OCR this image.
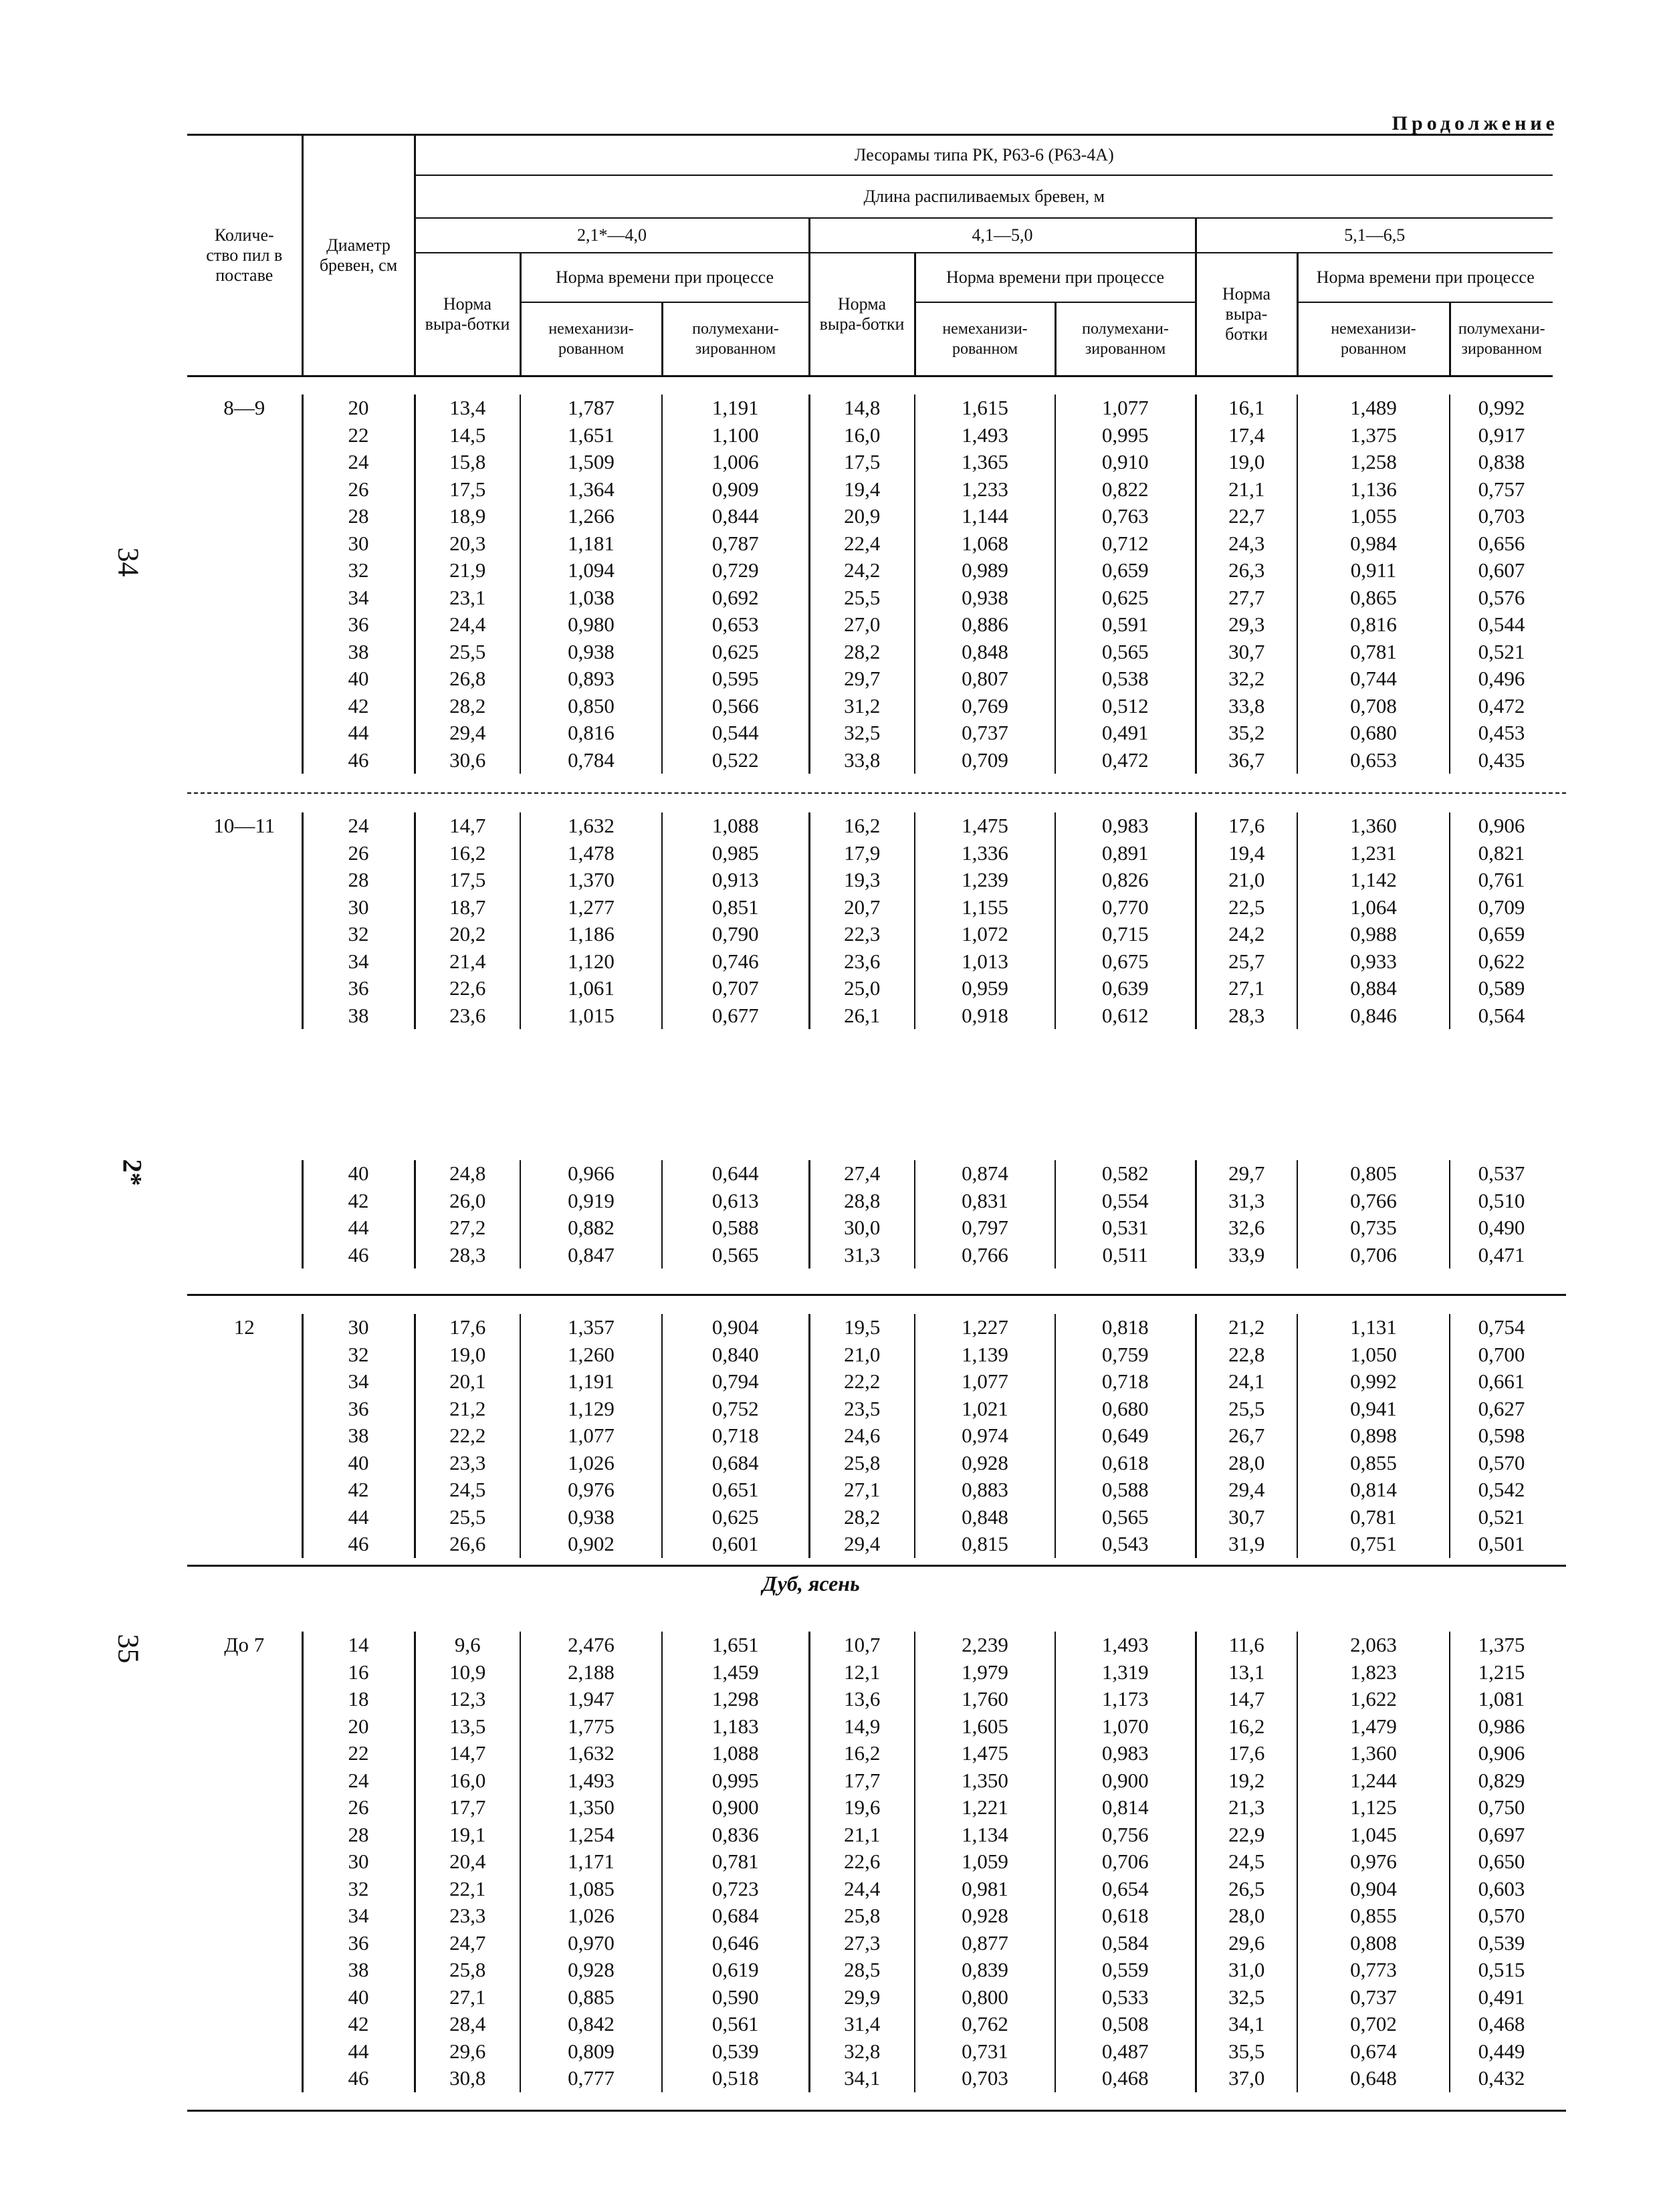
Продолжение
34
2*
35
Количе-ство пил в поставе	Диаметр бревен, см	Лесорамы типа РК, Р63-6 (Р63-4А)								
		Длина распиливаемых бревен, м								
		2,1*—4,0			4,1—5,0			5,1—6,5		
		Норма выра-ботки	Норма времени при процессе		Норма выра-ботки	Норма времени при процессе		Норма выра-ботки	Норма времени при процессе	
			немеханизи-рованном	полумехани-зированном		немеханизи-рованном	полумехани-зированном		немеханизи-рованном	полумехани-зированном
8—9	20	13,4	1,787	1,191	14,8	1,615	1,077	16,1	1,489	0,992
	22	14,5	1,651	1,100	16,0	1,493	0,995	17,4	1,375	0,917
	24	15,8	1,509	1,006	17,5	1,365	0,910	19,0	1,258	0,838
	26	17,5	1,364	0,909	19,4	1,233	0,822	21,1	1,136	0,757
	28	18,9	1,266	0,844	20,9	1,144	0,763	22,7	1,055	0,703
	30	20,3	1,181	0,787	22,4	1,068	0,712	24,3	0,984	0,656
	32	21,9	1,094	0,729	24,2	0,989	0,659	26,3	0,911	0,607
	34	23,1	1,038	0,692	25,5	0,938	0,625	27,7	0,865	0,576
	36	24,4	0,980	0,653	27,0	0,886	0,591	29,3	0,816	0,544
	38	25,5	0,938	0,625	28,2	0,848	0,565	30,7	0,781	0,521
	40	26,8	0,893	0,595	29,7	0,807	0,538	32,2	0,744	0,496
	42	28,2	0,850	0,566	31,2	0,769	0,512	33,8	0,708	0,472
	44	29,4	0,816	0,544	32,5	0,737	0,491	35,2	0,680	0,453
	46	30,6	0,784	0,522	33,8	0,709	0,472	36,7	0,653	0,435
10—11	24	14,7	1,632	1,088	16,2	1,475	0,983	17,6	1,360	0,906
	26	16,2	1,478	0,985	17,9	1,336	0,891	19,4	1,231	0,821
	28	17,5	1,370	0,913	19,3	1,239	0,826	21,0	1,142	0,761
	30	18,7	1,277	0,851	20,7	1,155	0,770	22,5	1,064	0,709
	32	20,2	1,186	0,790	22,3	1,072	0,715	24,2	0,988	0,659
	34	21,4	1,120	0,746	23,6	1,013	0,675	25,7	0,933	0,622
	36	22,6	1,061	0,707	25,0	0,959	0,639	27,1	0,884	0,589
	38	23,6	1,015	0,677	26,1	0,918	0,612	28,3	0,846	0,564
	40	24,8	0,966	0,644	27,4	0,874	0,582	29,7	0,805	0,537
	42	26,0	0,919	0,613	28,8	0,831	0,554	31,3	0,766	0,510
	44	27,2	0,882	0,588	30,0	0,797	0,531	32,6	0,735	0,490
	46	28,3	0,847	0,565	31,3	0,766	0,511	33,9	0,706	0,471
12	30	17,6	1,357	0,904	19,5	1,227	0,818	21,2	1,131	0,754
	32	19,0	1,260	0,840	21,0	1,139	0,759	22,8	1,050	0,700
	34	20,1	1,191	0,794	22,2	1,077	0,718	24,1	0,992	0,661
	36	21,2	1,129	0,752	23,5	1,021	0,680	25,5	0,941	0,627
	38	22,2	1,077	0,718	24,6	0,974	0,649	26,7	0,898	0,598
	40	23,3	1,026	0,684	25,8	0,928	0,618	28,0	0,855	0,570
	42	24,5	0,976	0,651	27,1	0,883	0,588	29,4	0,814	0,542
	44	25,5	0,938	0,625	28,2	0,848	0,565	30,7	0,781	0,521
	46	26,6	0,902	0,601	29,4	0,815	0,543	31,9	0,751	0,501
Дуб, ясень
До 7	14	9,6	2,476	1,651	10,7	2,239	1,493	11,6	2,063	1,375
	16	10,9	2,188	1,459	12,1	1,979	1,319	13,1	1,823	1,215
	18	12,3	1,947	1,298	13,6	1,760	1,173	14,7	1,622	1,081
	20	13,5	1,775	1,183	14,9	1,605	1,070	16,2	1,479	0,986
	22	14,7	1,632	1,088	16,2	1,475	0,983	17,6	1,360	0,906
	24	16,0	1,493	0,995	17,7	1,350	0,900	19,2	1,244	0,829
	26	17,7	1,350	0,900	19,6	1,221	0,814	21,3	1,125	0,750
	28	19,1	1,254	0,836	21,1	1,134	0,756	22,9	1,045	0,697
	30	20,4	1,171	0,781	22,6	1,059	0,706	24,5	0,976	0,650
	32	22,1	1,085	0,723	24,4	0,981	0,654	26,5	0,904	0,603
	34	23,3	1,026	0,684	25,8	0,928	0,618	28,0	0,855	0,570
	36	24,7	0,970	0,646	27,3	0,877	0,584	29,6	0,808	0,539
	38	25,8	0,928	0,619	28,5	0,839	0,559	31,0	0,773	0,515
	40	27,1	0,885	0,590	29,9	0,800	0,533	32,5	0,737	0,491
	42	28,4	0,842	0,561	31,4	0,762	0,508	34,1	0,702	0,468
	44	29,6	0,809	0,539	32,8	0,731	0,487	35,5	0,674	0,449
	46	30,8	0,777	0,518	34,1	0,703	0,468	37,0	0,648	0,432
